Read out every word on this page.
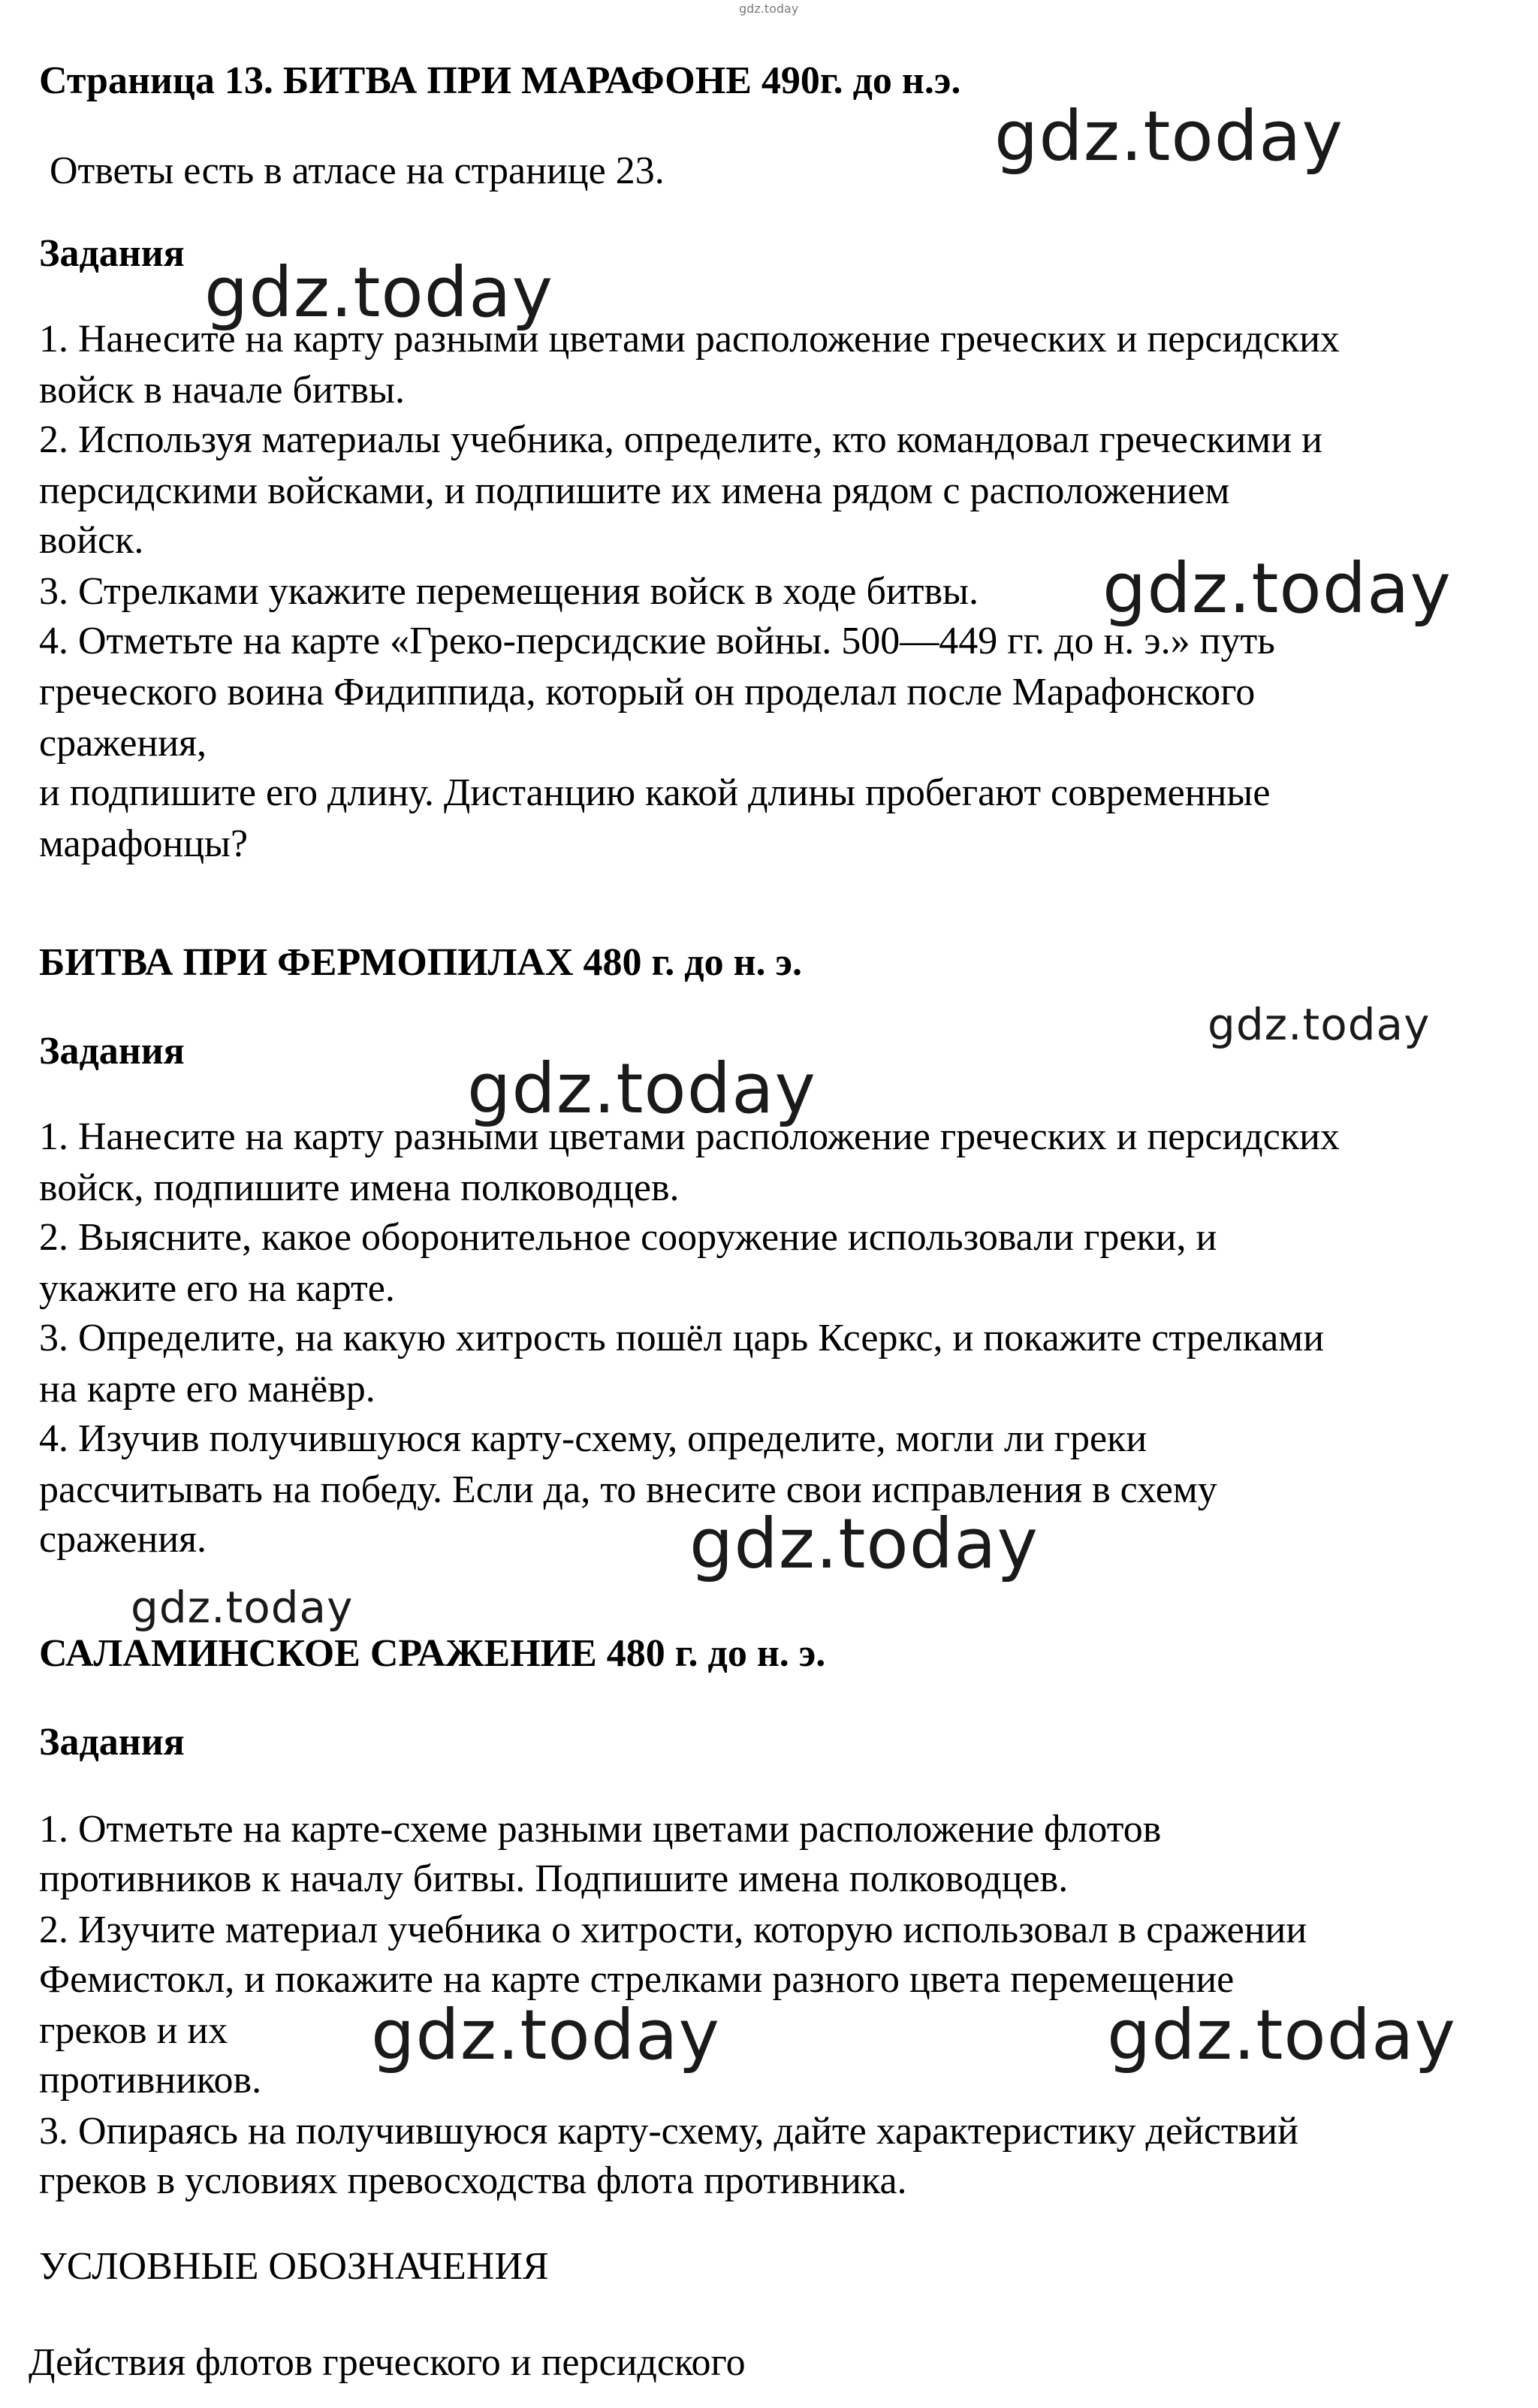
Страница 13. БИТВА ПРИ МАРАФОНЕ 490г. до н.э.
Ответы есть в атласе на странице 23.
Задания
1. Нанесите на карту разными цветами расположение греческих и персидских
войск в начале битвы.
2. Используя материалы учебника, определите, кто командовал греческими и
персидскими войсками, и подпишите их имена рядом с расположением
войск.
3. Стрелками укажите перемещения войск в ходе битвы.
4. Отметьте на карте «Греко-персидские войны. 500—449 гг. до н. э.» путь
греческого воина Фидиппида, который он проделал после Марафонского
сражения,
и подпишите его длину. Дистанцию какой длины пробегают современные
марафонцы?
БИТВА ПРИ ФЕРМОПИЛАХ 480 г. до н. э.
Задания
1. Нанесите на карту разными цветами расположение греческих и персидских
войск, подпишите имена полководцев.
2. Выясните, какое оборонительное сооружение использовали греки, и
укажите его на карте.
3. Определите, на какую хитрость пошёл царь Ксеркс, и покажите стрелками
на карте его манёвр.
4. Изучив получившуюся карту-схему, определите, могли ли греки
рассчитывать на победу. Если да, то внесите свои исправления в схему
сражения.
САЛАМИНСКОЕ СРАЖЕНИЕ 480 г. до н. э.
Задания
1. Отметьте на карте-схеме разными цветами расположение флотов
противников к началу битвы. Подпишите имена полководцев.
2. Изучите материал учебника о хитрости, которую использовал в сражении
Фемистокл, и покажите на карте стрелками разного цвета перемещение
греков и их
противников.
3. Опираясь на получившуюся карту-схему, дайте характеристику действий
греков в условиях превосходства флота противника.
УСЛОВНЫЕ ОБОЗНАЧЕНИЯ
Действия флотов греческого и персидского
gdz.today
gdz.today
gdz.today
gdz.today
gdz.today
gdz.today
gdz.today
gdz.today
gdz.today	gdz.today
